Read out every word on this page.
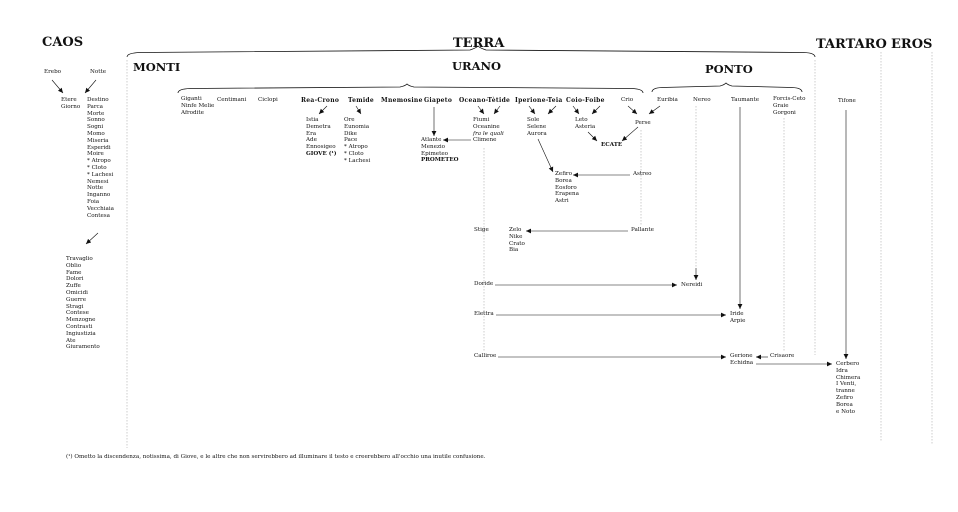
CAOS	TERRA	TARTARO EROS
MONTI	URANO	PONTO
Erebo	Notte
Etere
Giorno
Destino
Parca
Morte
Sonno
Sogni
Momo
Miseria
Esperidi
Moire
* Atropo
* Cloto
* Lachesi
Nemesi
Notte
Inganno
Foia
Vecchiaia
Contesa
Travaglio
Oblio
Fame
Dolori
Zuffe
Omicidi
Guerre
Stragi
Contese
Menzogne
Contrasti
Ingiustizia
Ate
Giuramento
Giganti
Ninfe Melie
Afrodite
Centimani Ciclopi	Rea-Crono Temide Mnemosine Giapeto Oceano-Tètide Iperione-Teia Coio-Foibe	Crio
Istia
Demetra
Era
Ade
Ennosigeo
GIOVE (¹)
Ore
Eunomia
Dike
Pace
* Atropo
* Cloto
* Lachesi
Atlante
Menezio
Epimeteo
PROMETEO
Fiumi
Oceanine
fra le quali
Climene
Sole
Selene
Aurora
Leto
Asteria
ECATE
Perse
Astreo
Zefiro
Borea
Eosforo
Erapena
Astri
Pallante
Zelo
Nike
Crato
Bia
Stige
Doride	Nereidi
Elettra	Iride
Arpie
Calliroe	Gerione
Echidna
Crisaore
Euribia	Nereo	Taumante Forcis-Ceto
Graie
Gorgoni
Tifone
Cerbero
Idra
Chimera
I Venti,
tranne
Zefiro
Borea
e Noto
(¹) Ometto la discendenza, notissima, di Giove, e le altre che non servirebbero ad illuminare il testo e creerebbero all'occhio una inutile confusione.
